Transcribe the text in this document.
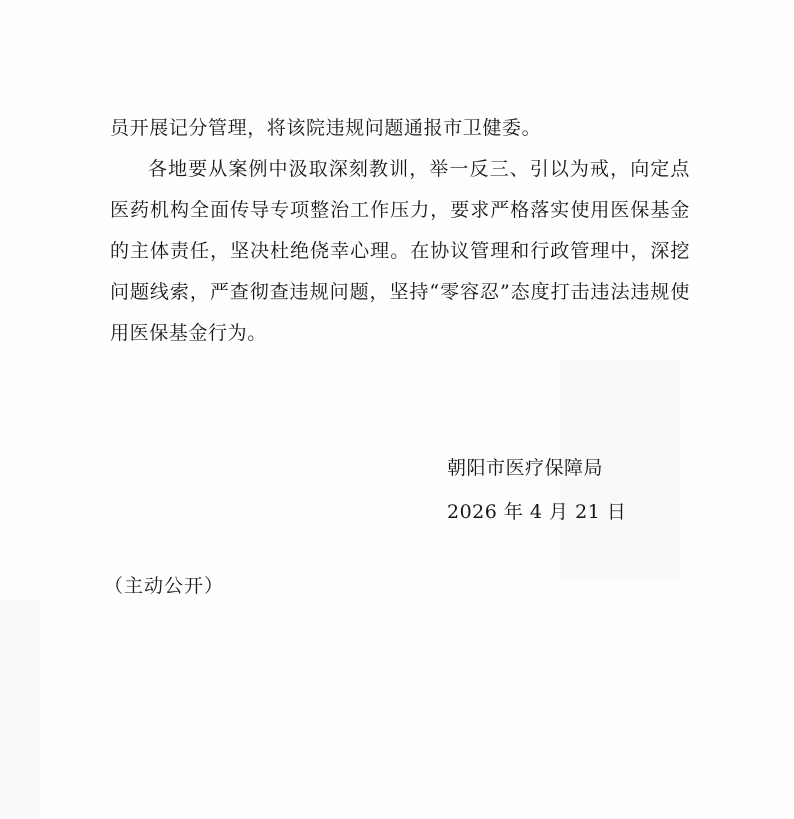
员开展记分管理，将该院违规问题通报市卫健委。

各地要从案例中汲取深刻教训，举一反三、引以为戒，向定点医药机构全面传导专项整治工作压力，要求严格落实使用医保基金的主体责任，坚决杜绝侥幸心理。在协议管理和行政管理中，深挖问题线索，严查彻查违规问题，坚持“零容忍”态度打击违法违规使用医保基金行为。

朝阳市医疗保障局
2026 年 4 月 21 日
（主动公开）
